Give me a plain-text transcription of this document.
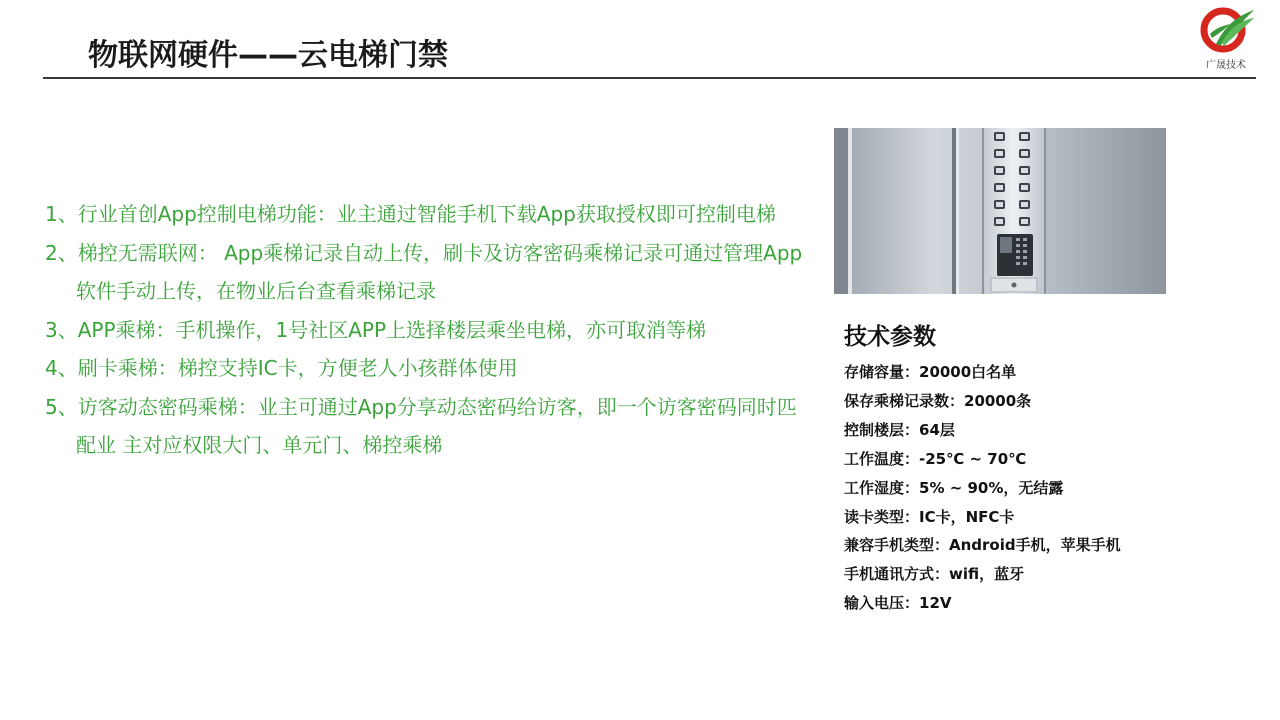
物联网硬件——云电梯门禁	广晟技术

1、行业首创App控制电梯功能：业主通过智能手机下载App获取授权即可控制电梯

2、梯控无需联网： App乘梯记录自动上传，刷卡及访客密码乘梯记录可通过管理App软件手动上传，在物业后台查看乘梯记录

3、APP乘梯：手机操作，1号社区APP上选择楼层乘坐电梯，亦可取消等梯

4、刷卡乘梯：梯控支持IC卡，方便老人小孩群体使用

5、访客动态密码乘梯：业主可通过App分享动态密码给访客，即一个访客密码同时匹配业 主对应权限大门、单元门、梯控乘梯

技术参数

存储容量：20000白名单

保存乘梯记录数：20000条

控制楼层：64层

工作温度：-25℃ ~ 70℃

工作湿度：5% ~ 90%，无结露

读卡类型：IC卡，NFC卡

兼容手机类型：Android手机，苹果手机

手机通讯方式：wifi，蓝牙

输入电压：12V
